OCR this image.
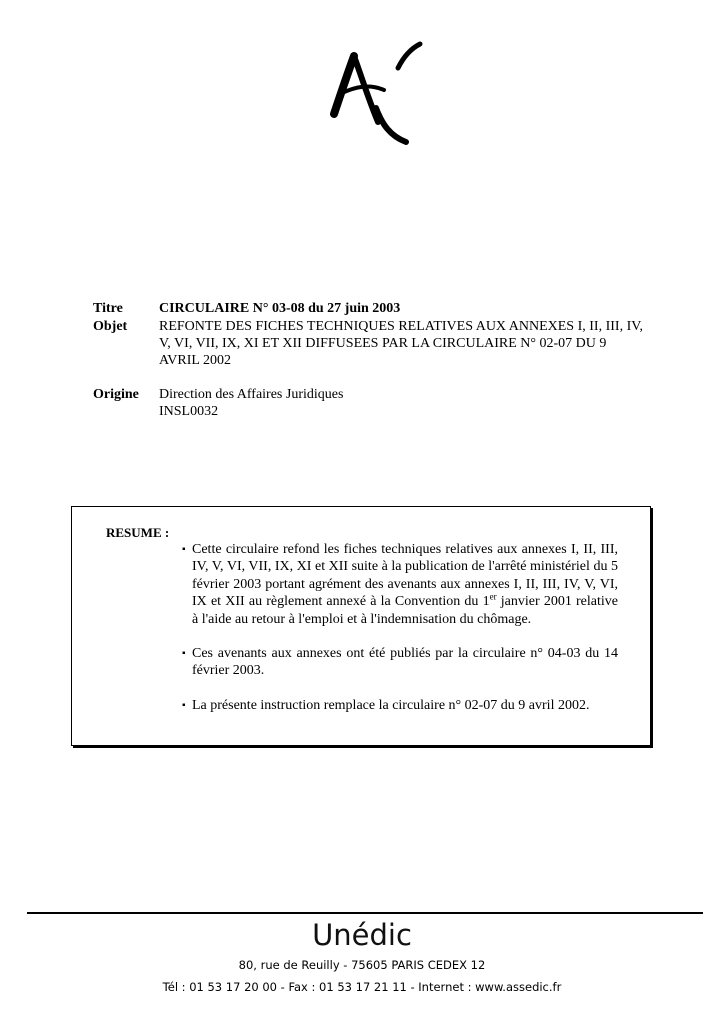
Titre	CIRCULAIRE N° 03-08 du 27 juin 2003
Objet REFONTE DES FICHES TECHNIQUES RELATIVES AUX ANNEXES I, II, III, IV, V, VI, VII, IX, XI ET XII DIFFUSEES PAR LA CIRCULAIRE N° 02-07 DU 9 AVRIL 2002
Origine Direction des Affaires Juridiques
INSL0032
RESUME :
▪ Cette circulaire refond les fiches techniques relatives aux annexes I, II, III, IV, V, VI, VII, IX, XI et XII suite à la publication de l'arrêté ministériel du 5 février 2003 portant agrément des avenants aux annexes I, II, III, IV, V, VI, IX et XII au règlement annexé à la Convention du 1er janvier 2001 relative à l'aide au retour à l'emploi et à l'indemnisation du chômage.
▪ Ces avenants aux annexes ont été publiés par la circulaire n° 04-03 du 14 février 2003.
▪ La présente instruction remplace la circulaire n° 02-07 du 9 avril 2002.
Unédic
80, rue de Reuilly - 75605 PARIS CEDEX 12
Tél : 01 53 17 20 00 - Fax : 01 53 17 21 11 - Internet : www.assedic.fr
